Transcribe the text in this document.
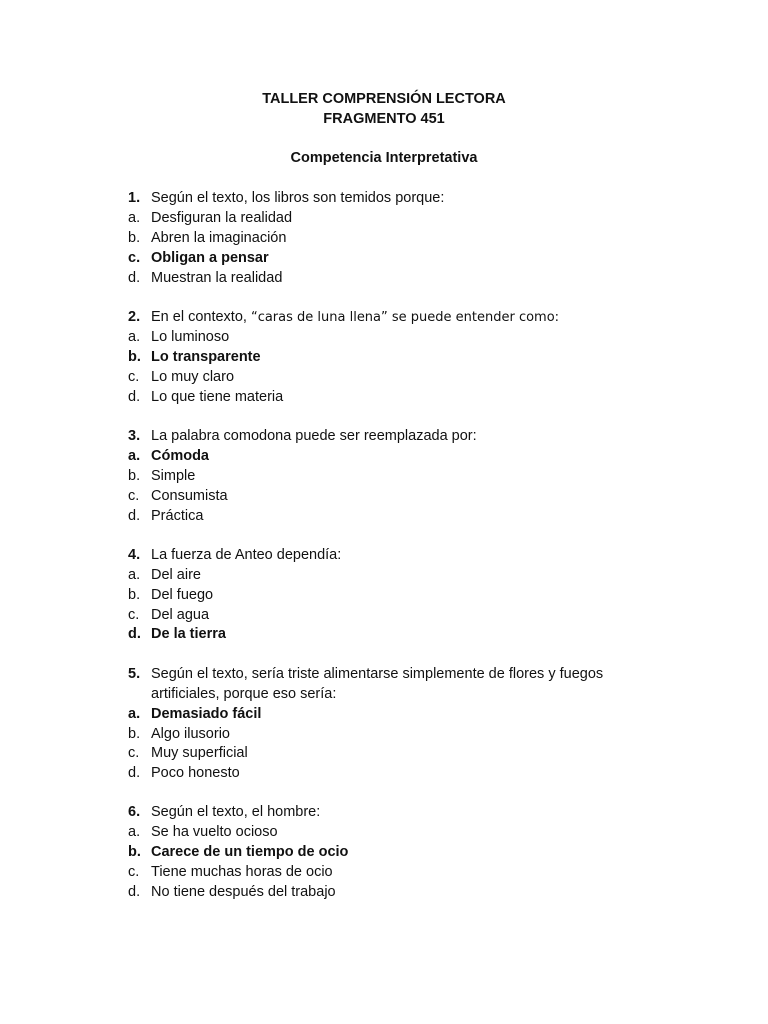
TALLER COMPRENSIÓN LECTORA
FRAGMENTO 451
Competencia Interpretativa
1. Según el texto, los libros son temidos porque:
a. Desfiguran la realidad
b. Abren la imaginación
c. Obligan a pensar
d. Muestran la realidad
2. En el contexto, “caras de luna llena” se puede entender como:
a. Lo luminoso
b. Lo transparente
c. Lo muy claro
d. Lo que tiene materia
3. La palabra comodona puede ser reemplazada por:
a. Cómoda
b. Simple
c. Consumista
d. Práctica
4. La fuerza de Anteo dependía:
a. Del aire
b. Del fuego
c. Del agua
d. De la tierra
5. Según el texto, sería triste alimentarse simplemente de flores y fuegos
artificiales, porque eso sería:
a. Demasiado fácil
b. Algo ilusorio
c. Muy superficial
d. Poco honesto
6. Según el texto, el hombre:
a. Se ha vuelto ocioso
b. Carece de un tiempo de ocio
c. Tiene muchas horas de ocio
d. No tiene después del trabajo
